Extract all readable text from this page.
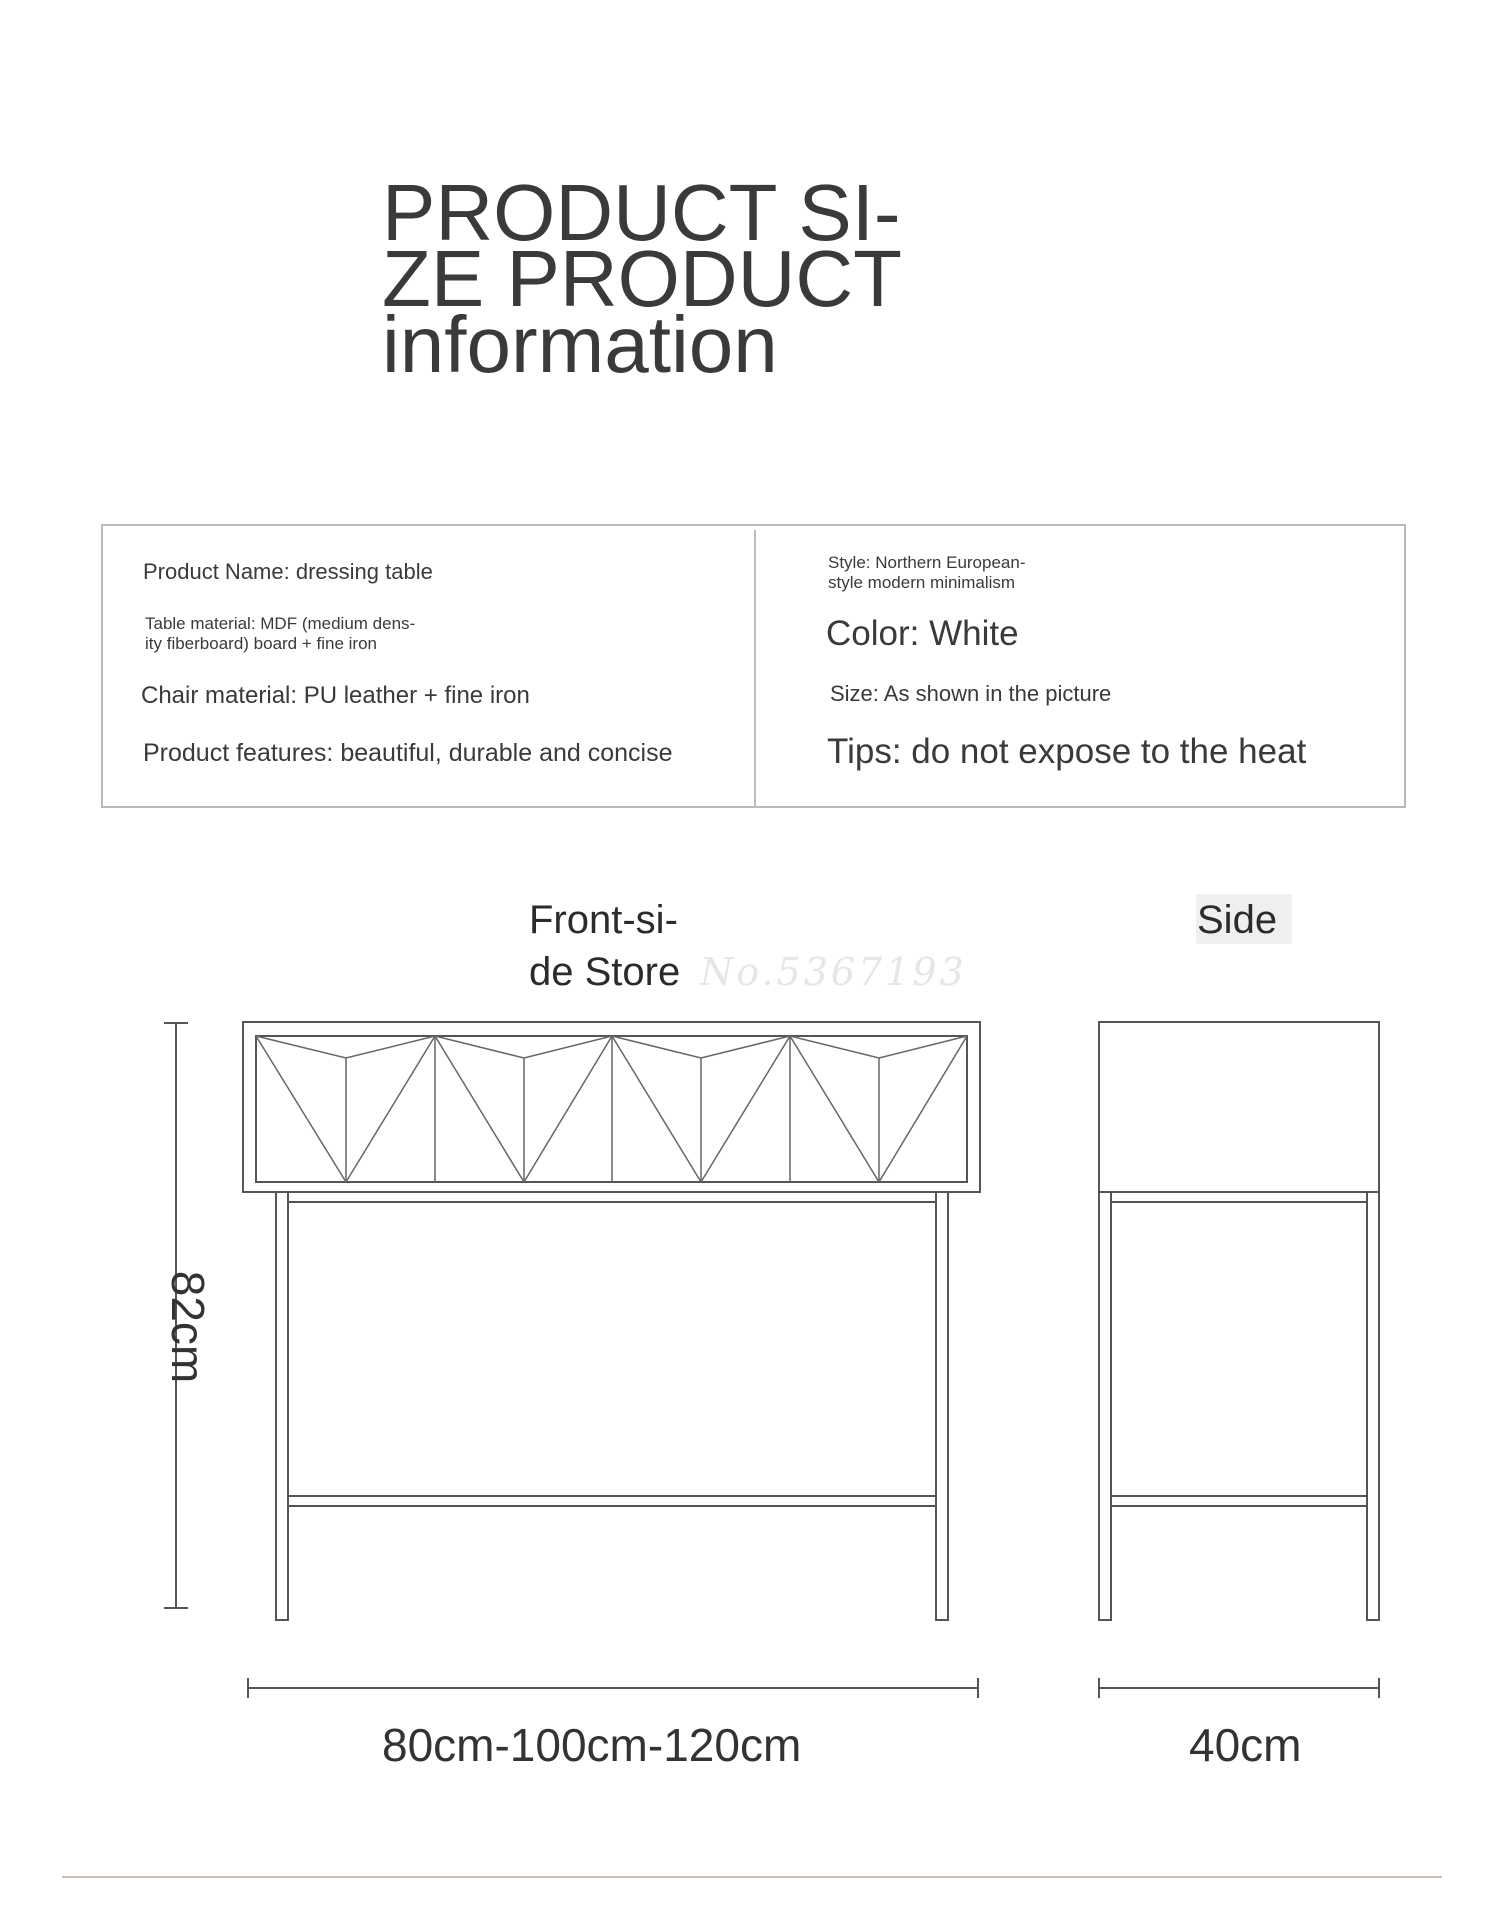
PRODUCT SI-
ZE PRODUCT
information
Product Name: dressing table
Table material: MDF (medium dens-
ity fiberboard) board + fine iron
Chair material: PU leather + fine iron
Product features: beautiful, durable and concise
Style: Northern European-
style modern minimalism
Color: White
Size: As shown in the picture
Tips: do not expose to the heat
No.5367193
Front-si-
de Store
Side
82cm
80cm-100cm-120cm	40cm
